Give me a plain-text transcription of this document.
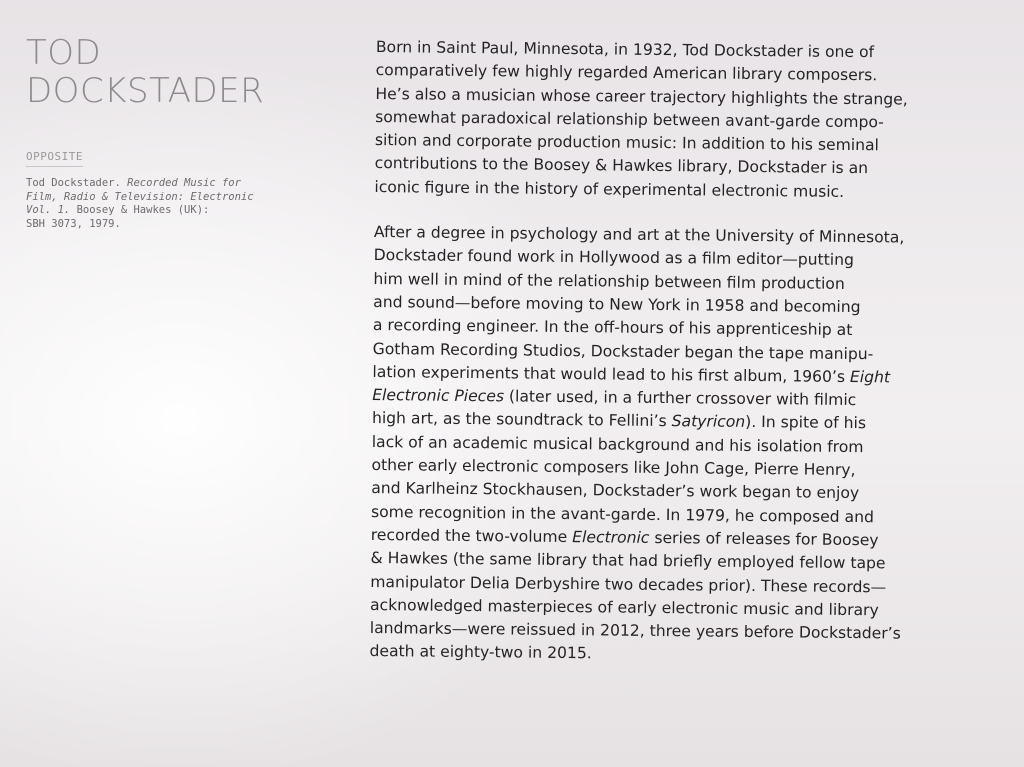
TOD
DOCKSTADER
OPPOSITE
Tod Dockstader. Recorded Music for
Film, Radio & Television: Electronic
Vol. 1. Boosey & Hawkes (UK):
SBH 3073, 1979.

Born in Saint Paul, Minnesota, in 1932, Tod Dockstader is one of
comparatively few highly regarded American library composers.
He’s also a musician whose career trajectory highlights the strange,
somewhat paradoxical relationship between avant-garde compo-
sition and corporate production music: In addition to his seminal
contributions to the Boosey & Hawkes library, Dockstader is an
iconic figure in the history of experimental electronic music.

After a degree in psychology and art at the University of Minnesota,
Dockstader found work in Hollywood as a film editor—putting
him well in mind of the relationship between film production
and sound—before moving to New York in 1958 and becoming
a recording engineer. In the off-hours of his apprenticeship at
Gotham Recording Studios, Dockstader began the tape manipu-
lation experiments that would lead to his first album, 1960’s Eight
Electronic Pieces (later used, in a further crossover with filmic
high art, as the soundtrack to Fellini’s Satyricon). In spite of his
lack of an academic musical background and his isolation from
other early electronic composers like John Cage, Pierre Henry,
and Karlheinz Stockhausen, Dockstader’s work began to enjoy
some recognition in the avant-garde. In 1979, he composed and
recorded the two-volume Electronic series of releases for Boosey
& Hawkes (the same library that had briefly employed fellow tape
manipulator Delia Derbyshire two decades prior). These records—
acknowledged masterpieces of early electronic music and library
landmarks—were reissued in 2012, three years before Dockstader’s
death at eighty-two in 2015.
